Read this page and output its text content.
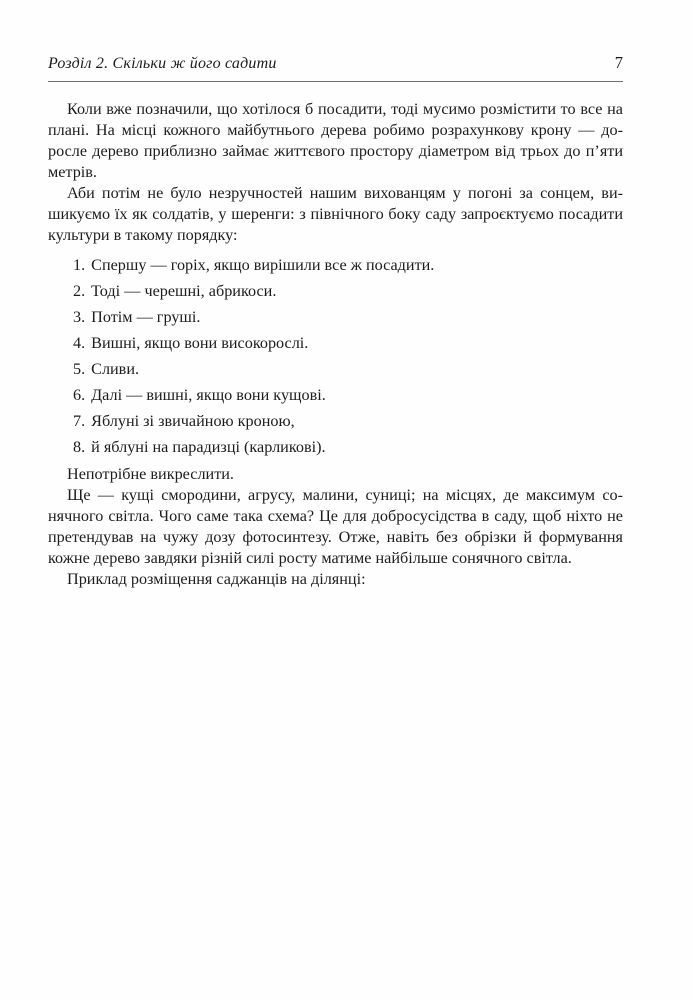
Розділ 2. Скільки ж його садити	7

Коли вже позначили, що хотілося б посадити, тоді мусимо розмістити то все на плані. На місці кожного майбутнього дерева робимо розрахункову крону — доросле дерево приблизно займає життєвого простору діаметром від трьох до п’яти метрів.

Аби потім не було незручностей нашим вихованцям у погоні за сонцем, вишикуємо їх як солдатів, у шеренги: з північного боку саду запроєктуємо посадити культури в такому порядку:

1. Спершу — горіх, якщо вирішили все ж посадити.
2. Тоді — черешні, абрикоси.
3. Потім — груші.
4. Вишні, якщо вони високорослі.
5. Сливи.
6. Далі — вишні, якщо вони кущові.
7. Яблуні зі звичайною кроною,
8. й яблуні на парадизці (карликові).

Непотрібне викреслити.

Ще — кущі смородини, агрусу, малини, суниці; на місцях, де максимум сонячного світла. Чого саме така схема? Це для добросусідства в саду, щоб ніхто не претендував на чужу дозу фотосинтезу. Отже, навіть без обрізки й формування кожне дерево завдяки різній силі росту матиме найбільше сонячного світла.

Приклад розміщення саджанців на ділянці:
